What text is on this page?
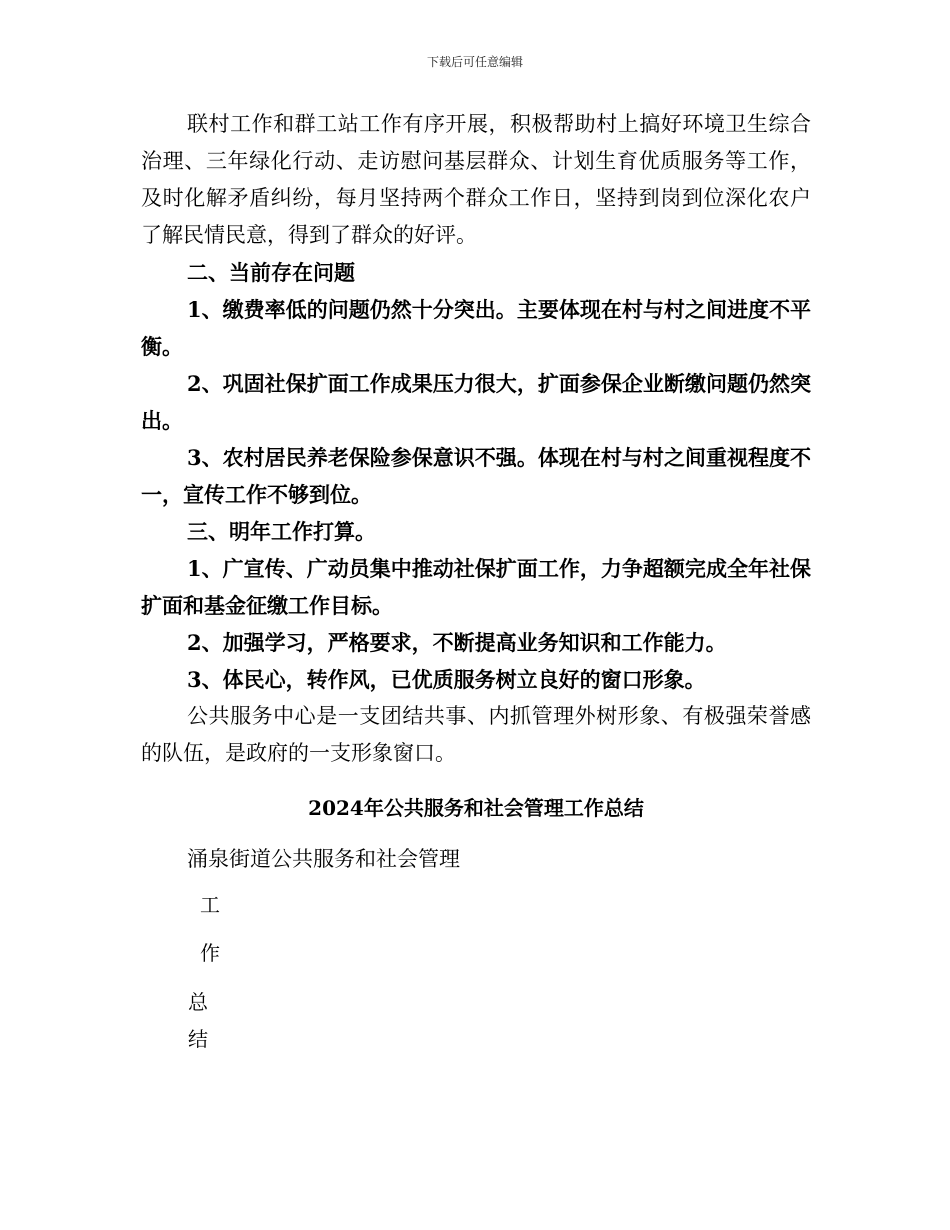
下载后可任意编辑

联村工作和群工站工作有序开展，积极帮助村上搞好环境卫生综合治理、三年绿化行动、走访慰问基层群众、计划生育优质服务等工作，及时化解矛盾纠纷，每月坚持两个群众工作日，坚持到岗到位深化农户了解民情民意，得到了群众的好评。

二、当前存在问题

1、缴费率低的问题仍然十分突出。主要体现在村与村之间进度不平衡。

2、巩固社保扩面工作成果压力很大，扩面参保企业断缴问题仍然突出。

3、农村居民养老保险参保意识不强。体现在村与村之间重视程度不一，宣传工作不够到位。

三、明年工作打算。

1、广宣传、广动员集中推动社保扩面工作，力争超额完成全年社保扩面和基金征缴工作目标。

2、加强学习，严格要求，不断提高业务知识和工作能力。

3、体民心，转作风，已优质服务树立良好的窗口形象。

公共服务中心是一支团结共事、内抓管理外树形象、有极强荣誉感的队伍，是政府的一支形象窗口。

2024年公共服务和社会管理工作总结

涌泉街道公共服务和社会管理

工
作
总
结
